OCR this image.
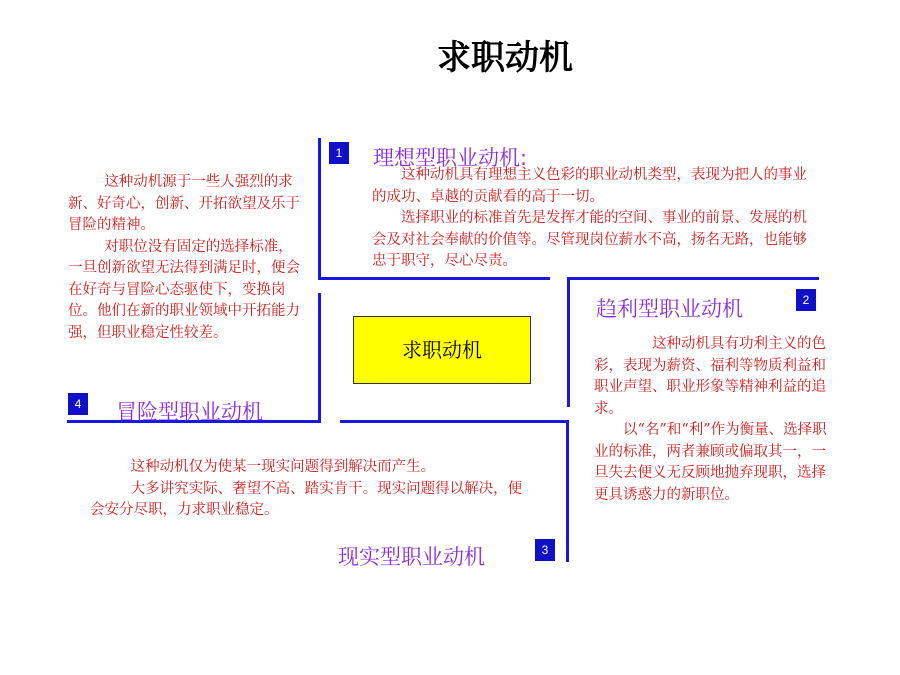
求职动机
1	理想型职业动机:

这种动机具有理想主义色彩的职业动机类型，表现为把人的事业的成功、卓越的贡献看的高于一切。

选择职业的标准首先是发挥才能的空间、事业的前景、发展的机会及对社会奉献的价值等。尽管现岗位薪水不高，扬名无路，也能够忠于职守，尽心尽责。

趋利型职业动机	2

这种动机具有功利主义的色彩，表现为薪资、福利等物质利益和职业声望、职业形象等精神利益的追求。

以“名”和“利”作为衡量、选择职业的标准，两者兼顾或偏取其一，一旦失去便义无反顾地抛弃现职，选择更具诱惑力的新职位。

这种动机仅为使某一现实问题得到解决而产生。

大多讲究实际、奢望不高、踏实肯干。现实问题得以解决，便会安分尽职，力求职业稳定。

现实型职业动机	3

这种动机源于一些人强烈的求新、好奇心，创新、开拓欲望及乐于冒险的精神。

对职位没有固定的选择标准，一旦创新欲望无法得到满足时，便会在好奇与冒险心态驱使下，变换岗位。他们在新的职业领域中开拓能力强，但职业稳定性较差。

4	冒险型职业动机
求职动机
